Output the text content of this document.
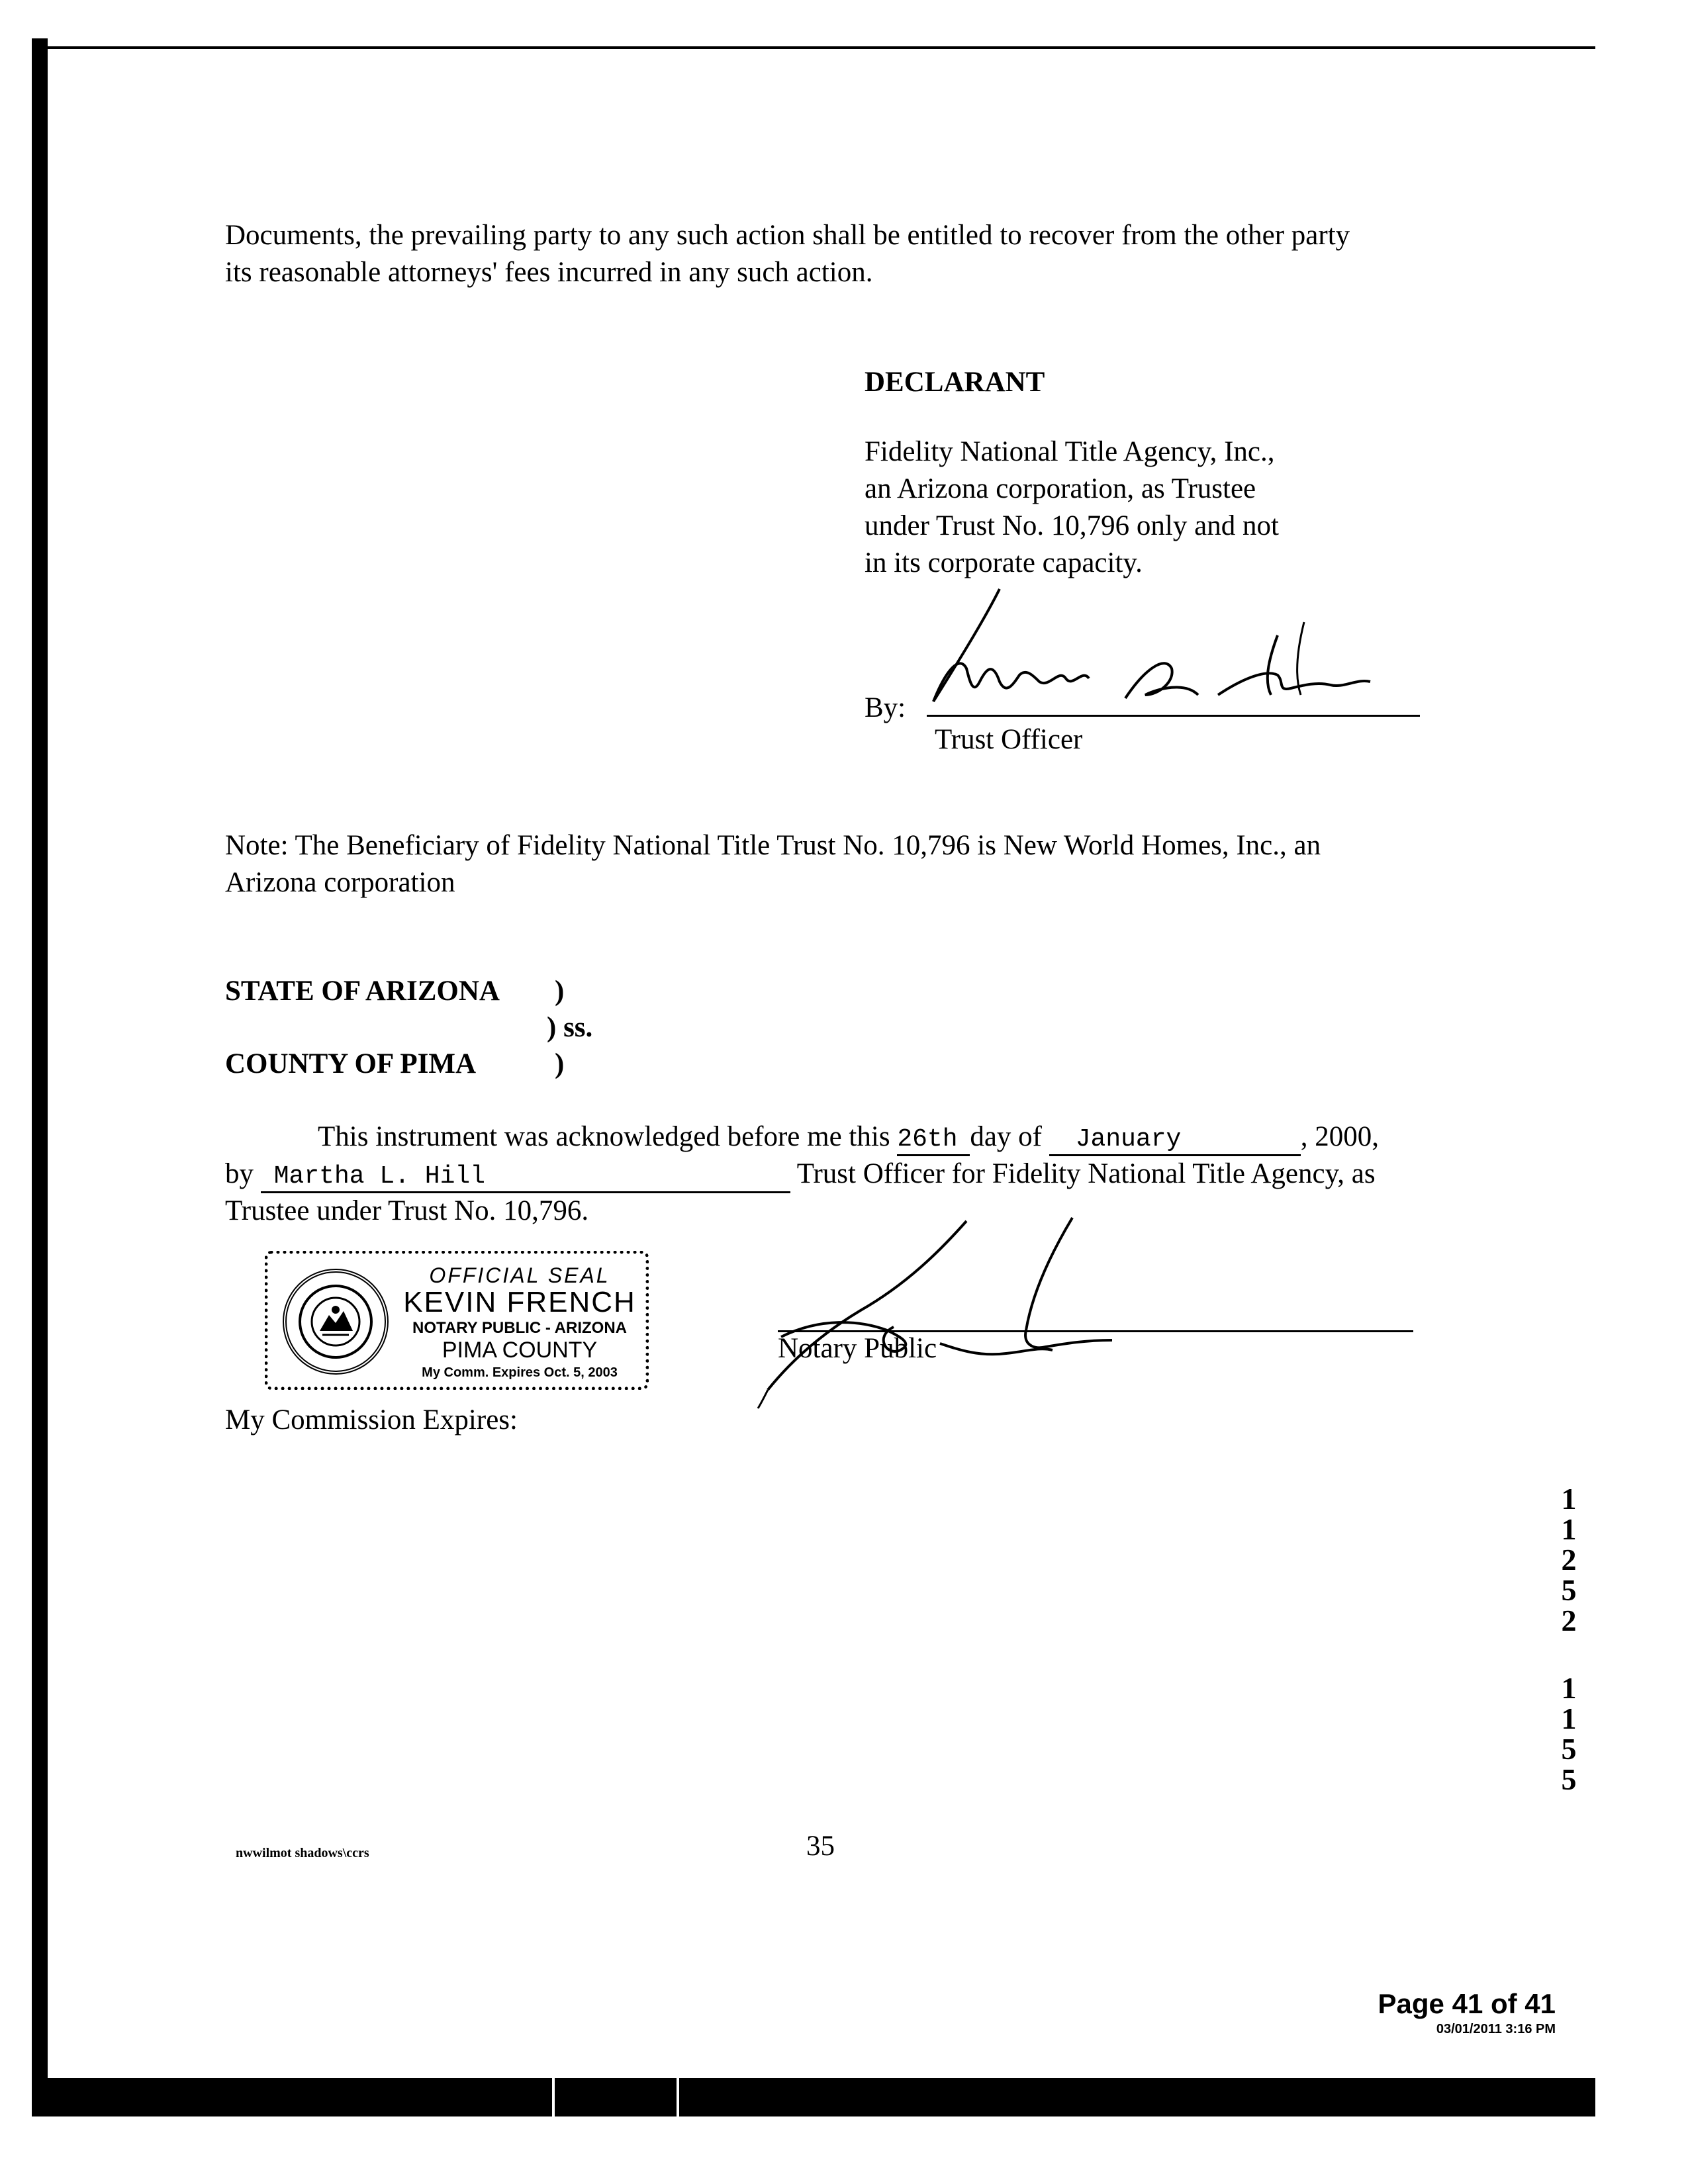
Documents, the prevailing party to any such action shall be entitled to recover from the other party
its reasonable attorneys' fees incurred in any such action.
DECLARANT
Fidelity National Title Agency, Inc.,
an Arizona corporation, as Trustee
under Trust No. 10,796 only and not
in its corporate capacity.
By:
Trust Officer
Note: The Beneficiary of Fidelity National Title Trust No. 10,796 is New World Homes, Inc., an
Arizona corporation
STATE OF ARIZONA )
) ss.
COUNTY OF PIMA	)
This instrument was acknowledged before me this 26th day of January	, 2000,
by Martha L. Hill	Trust Officer for Fidelity National Title Agency, as
Trustee under Trust No. 10,796.
OFFICIAL SEAL
KEVIN FRENCH
NOTARY PUBLIC - ARIZONA
PIMA COUNTY
My Comm. Expires Oct. 5, 2003
Notary Public
My Commission Expires:
1
1
2
5
2
1
1
5
5
nwwilmot shadows\ccrs	35
Page 41 of 41
03/01/2011 3:16 PM
